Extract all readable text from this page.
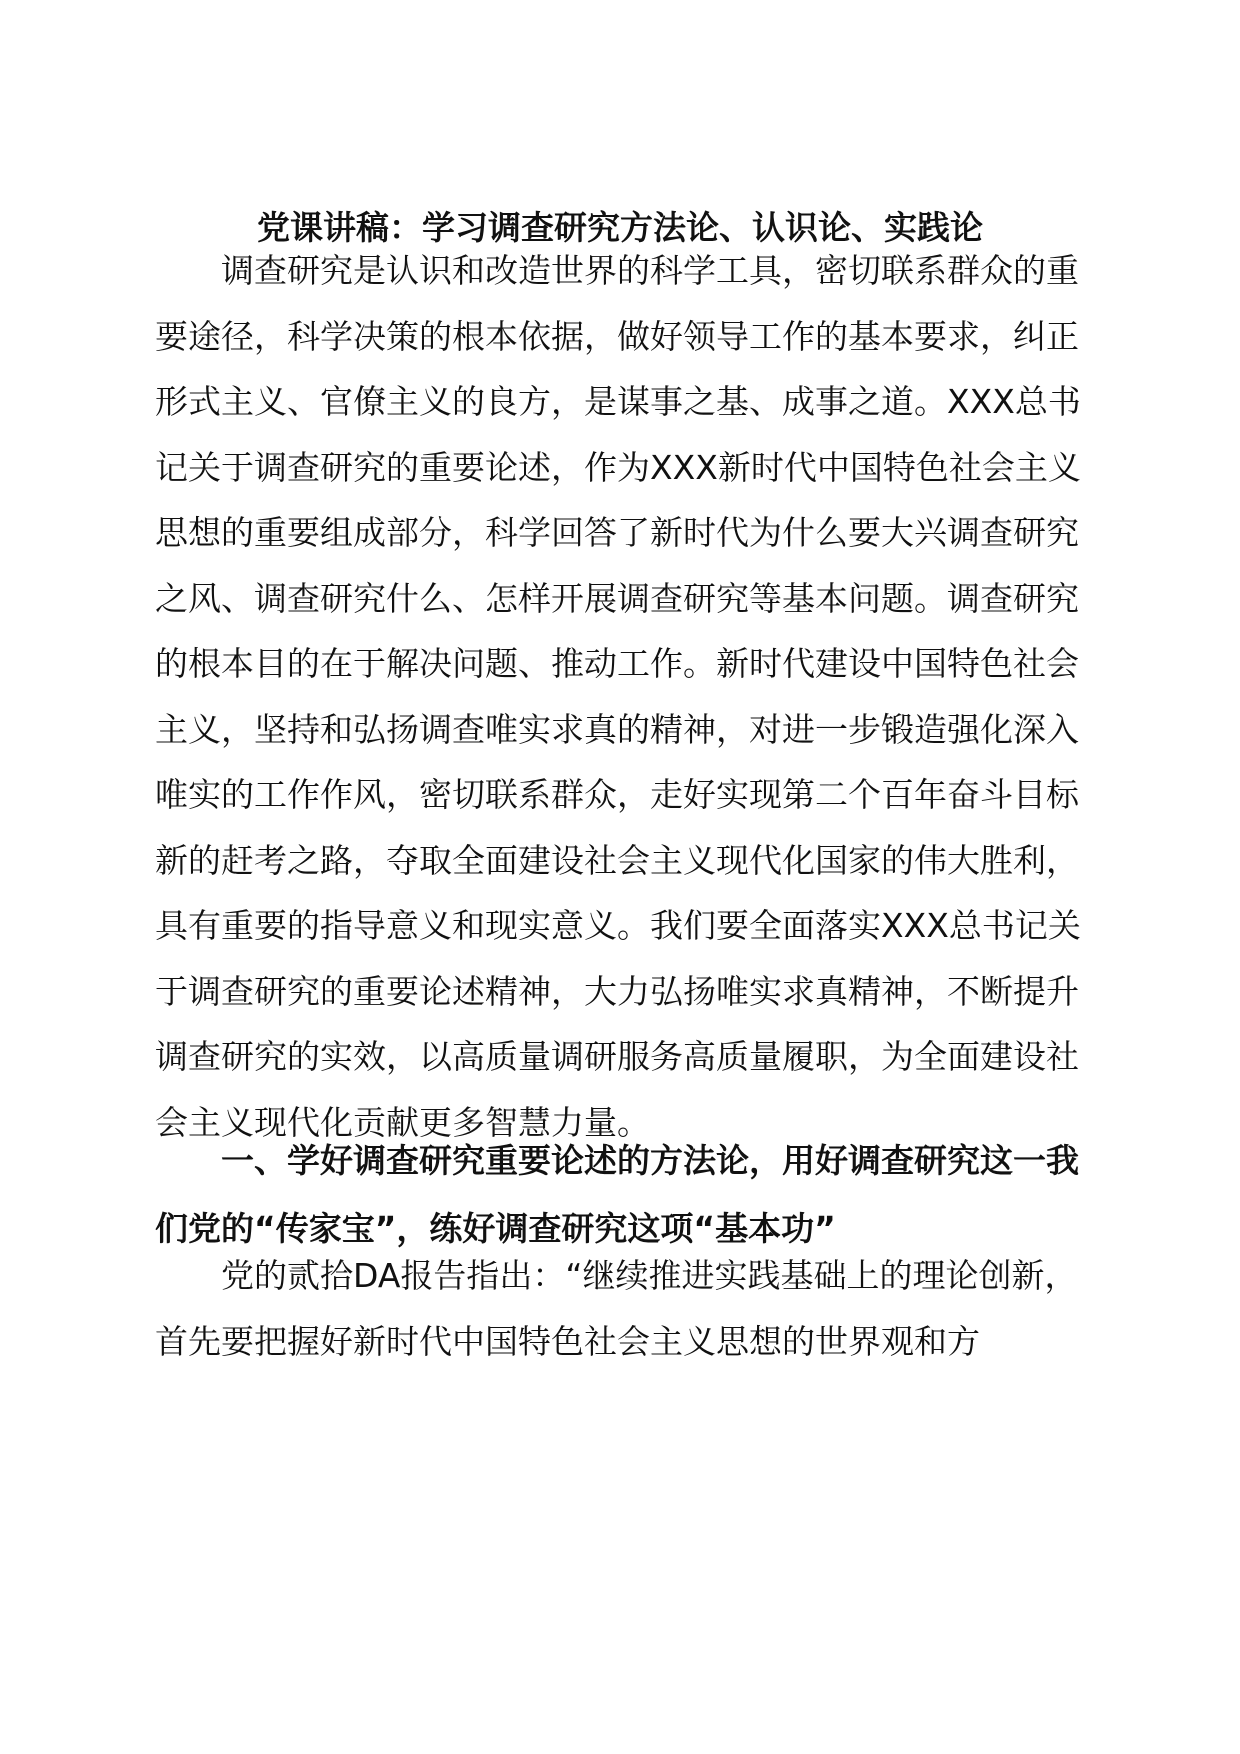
党课讲稿：学习调查研究方法论、认识论、实践论

调查研究是认识和改造世界的科学工具，密切联系群众的重要途径，科学决策的根本依据，做好领导工作的基本要求，纠正形式主义、官僚主义的良方，是谋事之基、成事之道。XXX总书记关于调查研究的重要论述，作为XXX新时代中国特色社会主义思想的重要组成部分，科学回答了新时代为什么要大兴调查研究之风、调查研究什么、怎样开展调查研究等基本问题。调查研究的根本目的在于解决问题、推动工作。新时代建设中国特色社会主义，坚持和弘扬调查唯实求真的精神，对进一步锻造强化深入唯实的工作作风，密切联系群众，走好实现第二个百年奋斗目标新的赶考之路，夺取全面建设社会主义现代化国家的伟大胜利，具有重要的指导意义和现实意义。我们要全面落实XXX总书记关于调查研究的重要论述精神，大力弘扬唯实求真精神，不断提升调查研究的实效，以高质量调研服务高质量履职，为全面建设社会主义现代化贡献更多智慧力量。

一、学好调查研究重要论述的方法论，用好调查研究这一我们党的“传家宝”，练好调查研究这项“基本功”

党的贰拾DA报告指出：“继续推进实践基础上的理论创新，首先要把握好新时代中国特色社会主义思想的世界观和方
